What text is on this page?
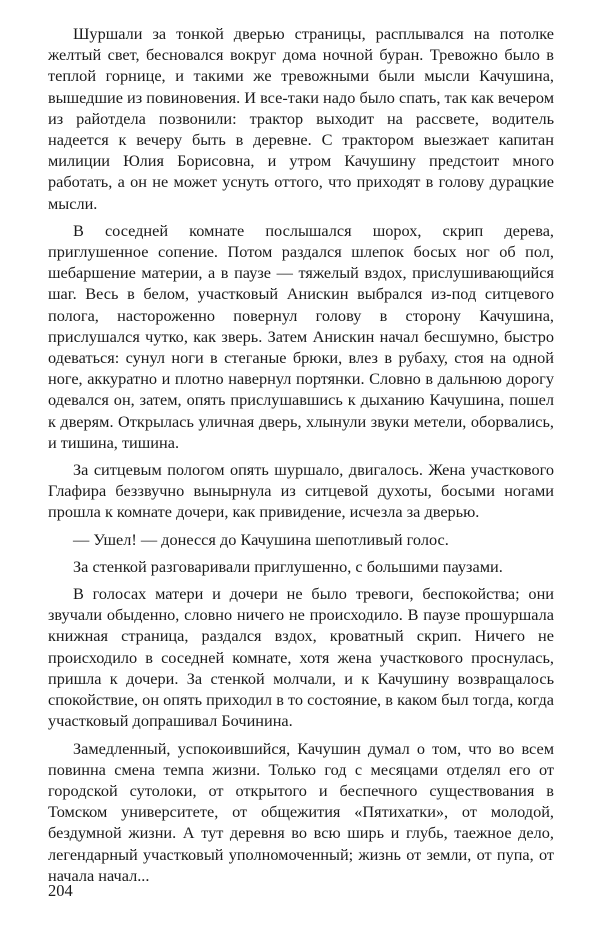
Шуршали за тонкой дверью страницы, расплывался на потолке желтый свет, бесновался вокруг дома ночной буран. Тревожно было в теплой горнице, и такими же тревожными были мысли Качушина, вышедшие из повиновения. И все-таки надо было спать, так как вечером из райотдела позвонили: трактор выходит на рассвете, водитель надеется к вечеру быть в деревне. С трактором выезжает капитан милиции Юлия Борисовна, и утром Качушину предстоит много работать, а он не может уснуть оттого, что приходят в голову дурацкие мысли.

В соседней комнате послышался шорох, скрип дерева, приглушенное сопение. Потом раздался шлепок босых ног об пол, шебаршение материи, а в паузе — тяжелый вздох, прислушивающийся шаг. Весь в белом, участковый Анискин выбрался из-под ситцевого полога, настороженно повернул голову в сторону Качушина, прислушался чутко, как зверь. Затем Анискин начал бесшумно, быстро одеваться: сунул ноги в стеганые брюки, влез в рубаху, стоя на одной ноге, аккуратно и плотно навернул портянки. Словно в дальнюю дорогу одевался он, затем, опять прислушавшись к дыханию Качушина, пошел к дверям. Открылась уличная дверь, хлынули звуки метели, оборвались, и тишина, тишина.

За ситцевым пологом опять шуршало, двигалось. Жена участкового Глафира беззвучно вынырнула из ситцевой духоты, босыми ногами прошла к комнате дочери, как привидение, исчезла за дверью.

— Ушел! — донесся до Качушина шепотливый голос.

За стенкой разговаривали приглушенно, с большими паузами.

В голосах матери и дочери не было тревоги, беспокойства; они звучали обыденно, словно ничего не происходило. В паузе прошуршала книжная страница, раздался вздох, кроватный скрип. Ничего не происходило в соседней комнате, хотя жена участкового проснулась, пришла к дочери. За стенкой молчали, и к Качушину возвращалось спокойствие, он опять приходил в то состояние, в каком был тогда, когда участковый допрашивал Бочинина.

Замедленный, успокоившийся, Качушин думал о том, что во всем повинна смена темпа жизни. Только год с месяцами отделял его от городской сутолоки, от открытого и беспечного существования в Томском университете, от общежития «Пятихатки», от молодой, бездумной жизни. А тут деревня во всю ширь и глубь, таежное дело, легендарный участковый уполномоченный; жизнь от земли, от пупа, от начала начал...

204
